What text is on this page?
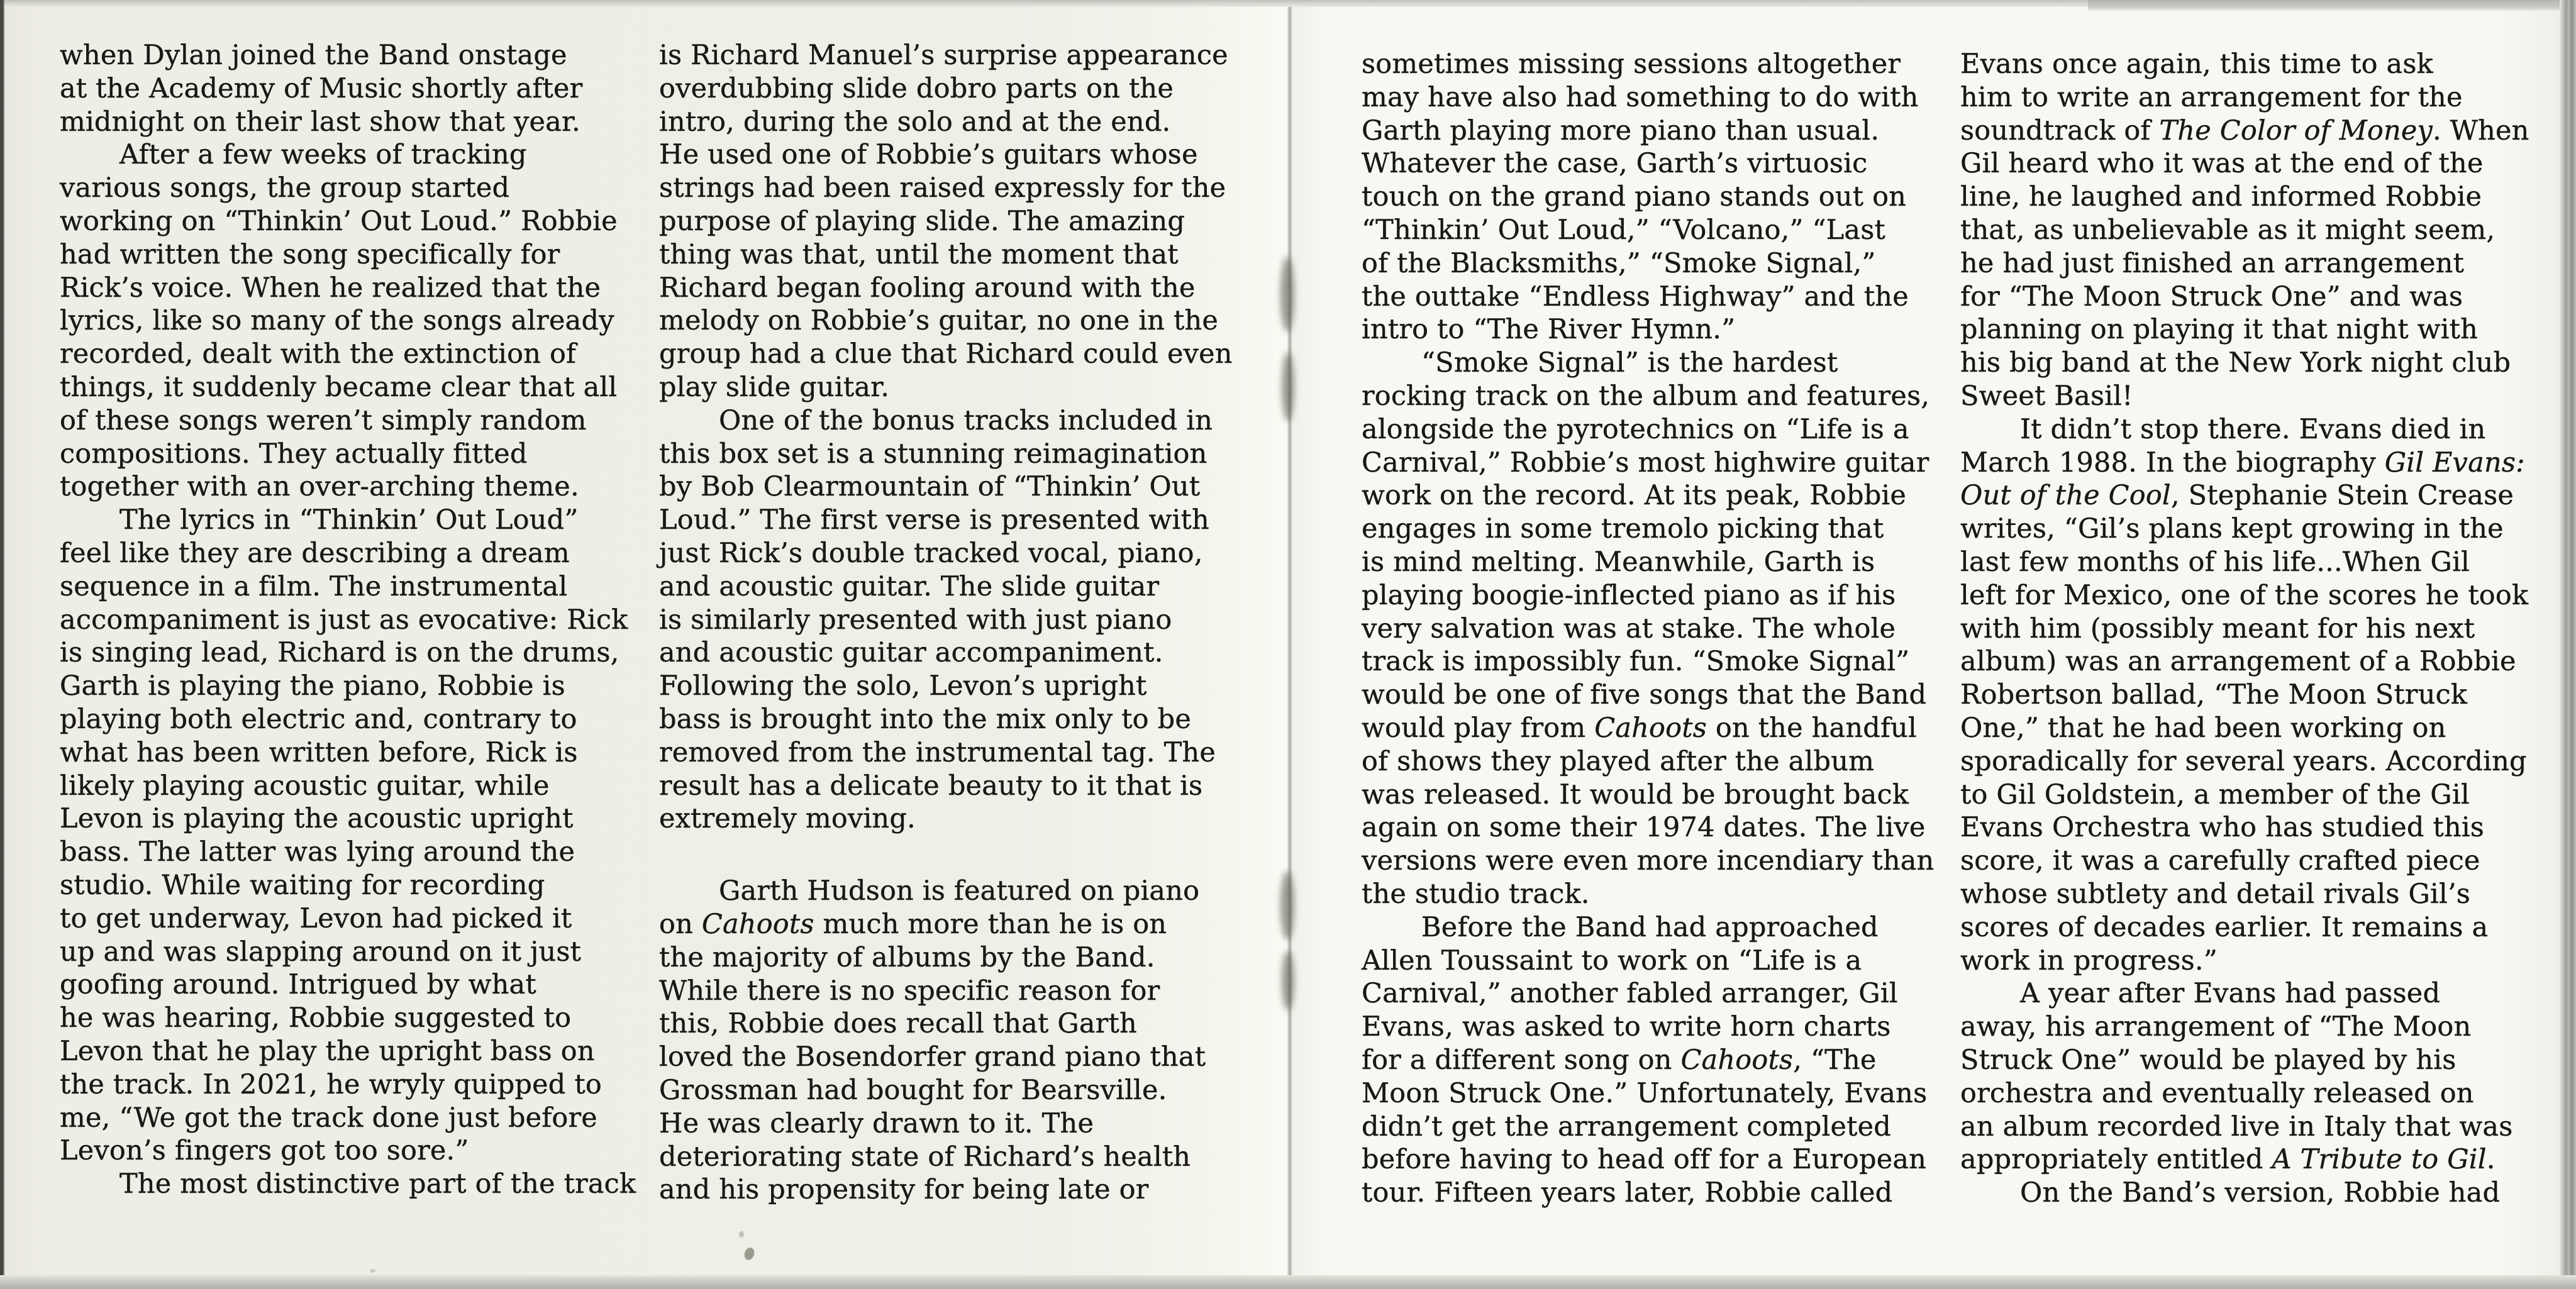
when Dylan joined the Band onstage
at the Academy of Music shortly after
midnight on their last show that year.
After a few weeks of tracking
various songs, the group started
working on “Thinkin’ Out Loud.” Robbie
had written the song specifically for
Rick’s voice. When he realized that the
lyrics, like so many of the songs already
recorded, dealt with the extinction of
things, it suddenly became clear that all
of these songs weren’t simply random
compositions. They actually fitted
together with an over-arching theme.
The lyrics in “Thinkin’ Out Loud”
feel like they are describing a dream
sequence in a film. The instrumental
accompaniment is just as evocative: Rick
is singing lead, Richard is on the drums,
Garth is playing the piano, Robbie is
playing both electric and, contrary to
what has been written before, Rick is
likely playing acoustic guitar, while
Levon is playing the acoustic upright
bass. The latter was lying around the
studio. While waiting for recording
to get underway, Levon had picked it
up and was slapping around on it just
goofing around. Intrigued by what
he was hearing, Robbie suggested to
Levon that he play the upright bass on
the track. In 2021, he wryly quipped to
me, “We got the track done just before
Levon’s fingers got too sore.”
The most distinctive part of the track
is Richard Manuel’s surprise appearance
overdubbing slide dobro parts on the
intro, during the solo and at the end.
He used one of Robbie’s guitars whose
strings had been raised expressly for the
purpose of playing slide. The amazing
thing was that, until the moment that
Richard began fooling around with the
melody on Robbie’s guitar, no one in the
group had a clue that Richard could even
play slide guitar.
One of the bonus tracks included in
this box set is a stunning reimagination
by Bob Clearmountain of “Thinkin’ Out
Loud.” The first verse is presented with
just Rick’s double tracked vocal, piano,
and acoustic guitar. The slide guitar
is similarly presented with just piano
and acoustic guitar accompaniment.
Following the solo, Levon’s upright
bass is brought into the mix only to be
removed from the instrumental tag. The
result has a delicate beauty to it that is
extremely moving.
Garth Hudson is featured on piano
on Cahoots much more than he is on
the majority of albums by the Band.
While there is no specific reason for
this, Robbie does recall that Garth
loved the Bosendorfer grand piano that
Grossman had bought for Bearsville.
He was clearly drawn to it. The
deteriorating state of Richard’s health
and his propensity for being late or
sometimes missing sessions altogether
may have also had something to do with
Garth playing more piano than usual.
Whatever the case, Garth’s virtuosic
touch on the grand piano stands out on
“Thinkin’ Out Loud,” “Volcano,” “Last
of the Blacksmiths,” “Smoke Signal,”
the outtake “Endless Highway” and the
intro to “The River Hymn.”
“Smoke Signal” is the hardest
rocking track on the album and features,
alongside the pyrotechnics on “Life is a
Carnival,” Robbie’s most highwire guitar
work on the record. At its peak, Robbie
engages in some tremolo picking that
is mind melting. Meanwhile, Garth is
playing boogie-inflected piano as if his
very salvation was at stake. The whole
track is impossibly fun. “Smoke Signal”
would be one of five songs that the Band
would play from Cahoots on the handful
of shows they played after the album
was released. It would be brought back
again on some their 1974 dates. The live
versions were even more incendiary than
the studio track.
Before the Band had approached
Allen Toussaint to work on “Life is a
Carnival,” another fabled arranger, Gil
Evans, was asked to write horn charts
for a different song on Cahoots, “The
Moon Struck One.” Unfortunately, Evans
didn’t get the arrangement completed
before having to head off for a European
tour. Fifteen years later, Robbie called
Evans once again, this time to ask
him to write an arrangement for the
soundtrack of The Color of Money. When
Gil heard who it was at the end of the
line, he laughed and informed Robbie
that, as unbelievable as it might seem,
he had just finished an arrangement
for “The Moon Struck One” and was
planning on playing it that night with
his big band at the New York night club
Sweet Basil!
It didn’t stop there. Evans died in
March 1988. In the biography Gil Evans:
Out of the Cool, Stephanie Stein Crease
writes, “Gil’s plans kept growing in the
last few months of his life...When Gil
left for Mexico, one of the scores he took
with him (possibly meant for his next
album) was an arrangement of a Robbie
Robertson ballad, “The Moon Struck
One,” that he had been working on
sporadically for several years. According
to Gil Goldstein, a member of the Gil
Evans Orchestra who has studied this
score, it was a carefully crafted piece
whose subtlety and detail rivals Gil’s
scores of decades earlier. It remains a
work in progress.”
A year after Evans had passed
away, his arrangement of “The Moon
Struck One” would be played by his
orchestra and eventually released on
an album recorded live in Italy that was
appropriately entitled A Tribute to Gil.
On the Band’s version, Robbie had
